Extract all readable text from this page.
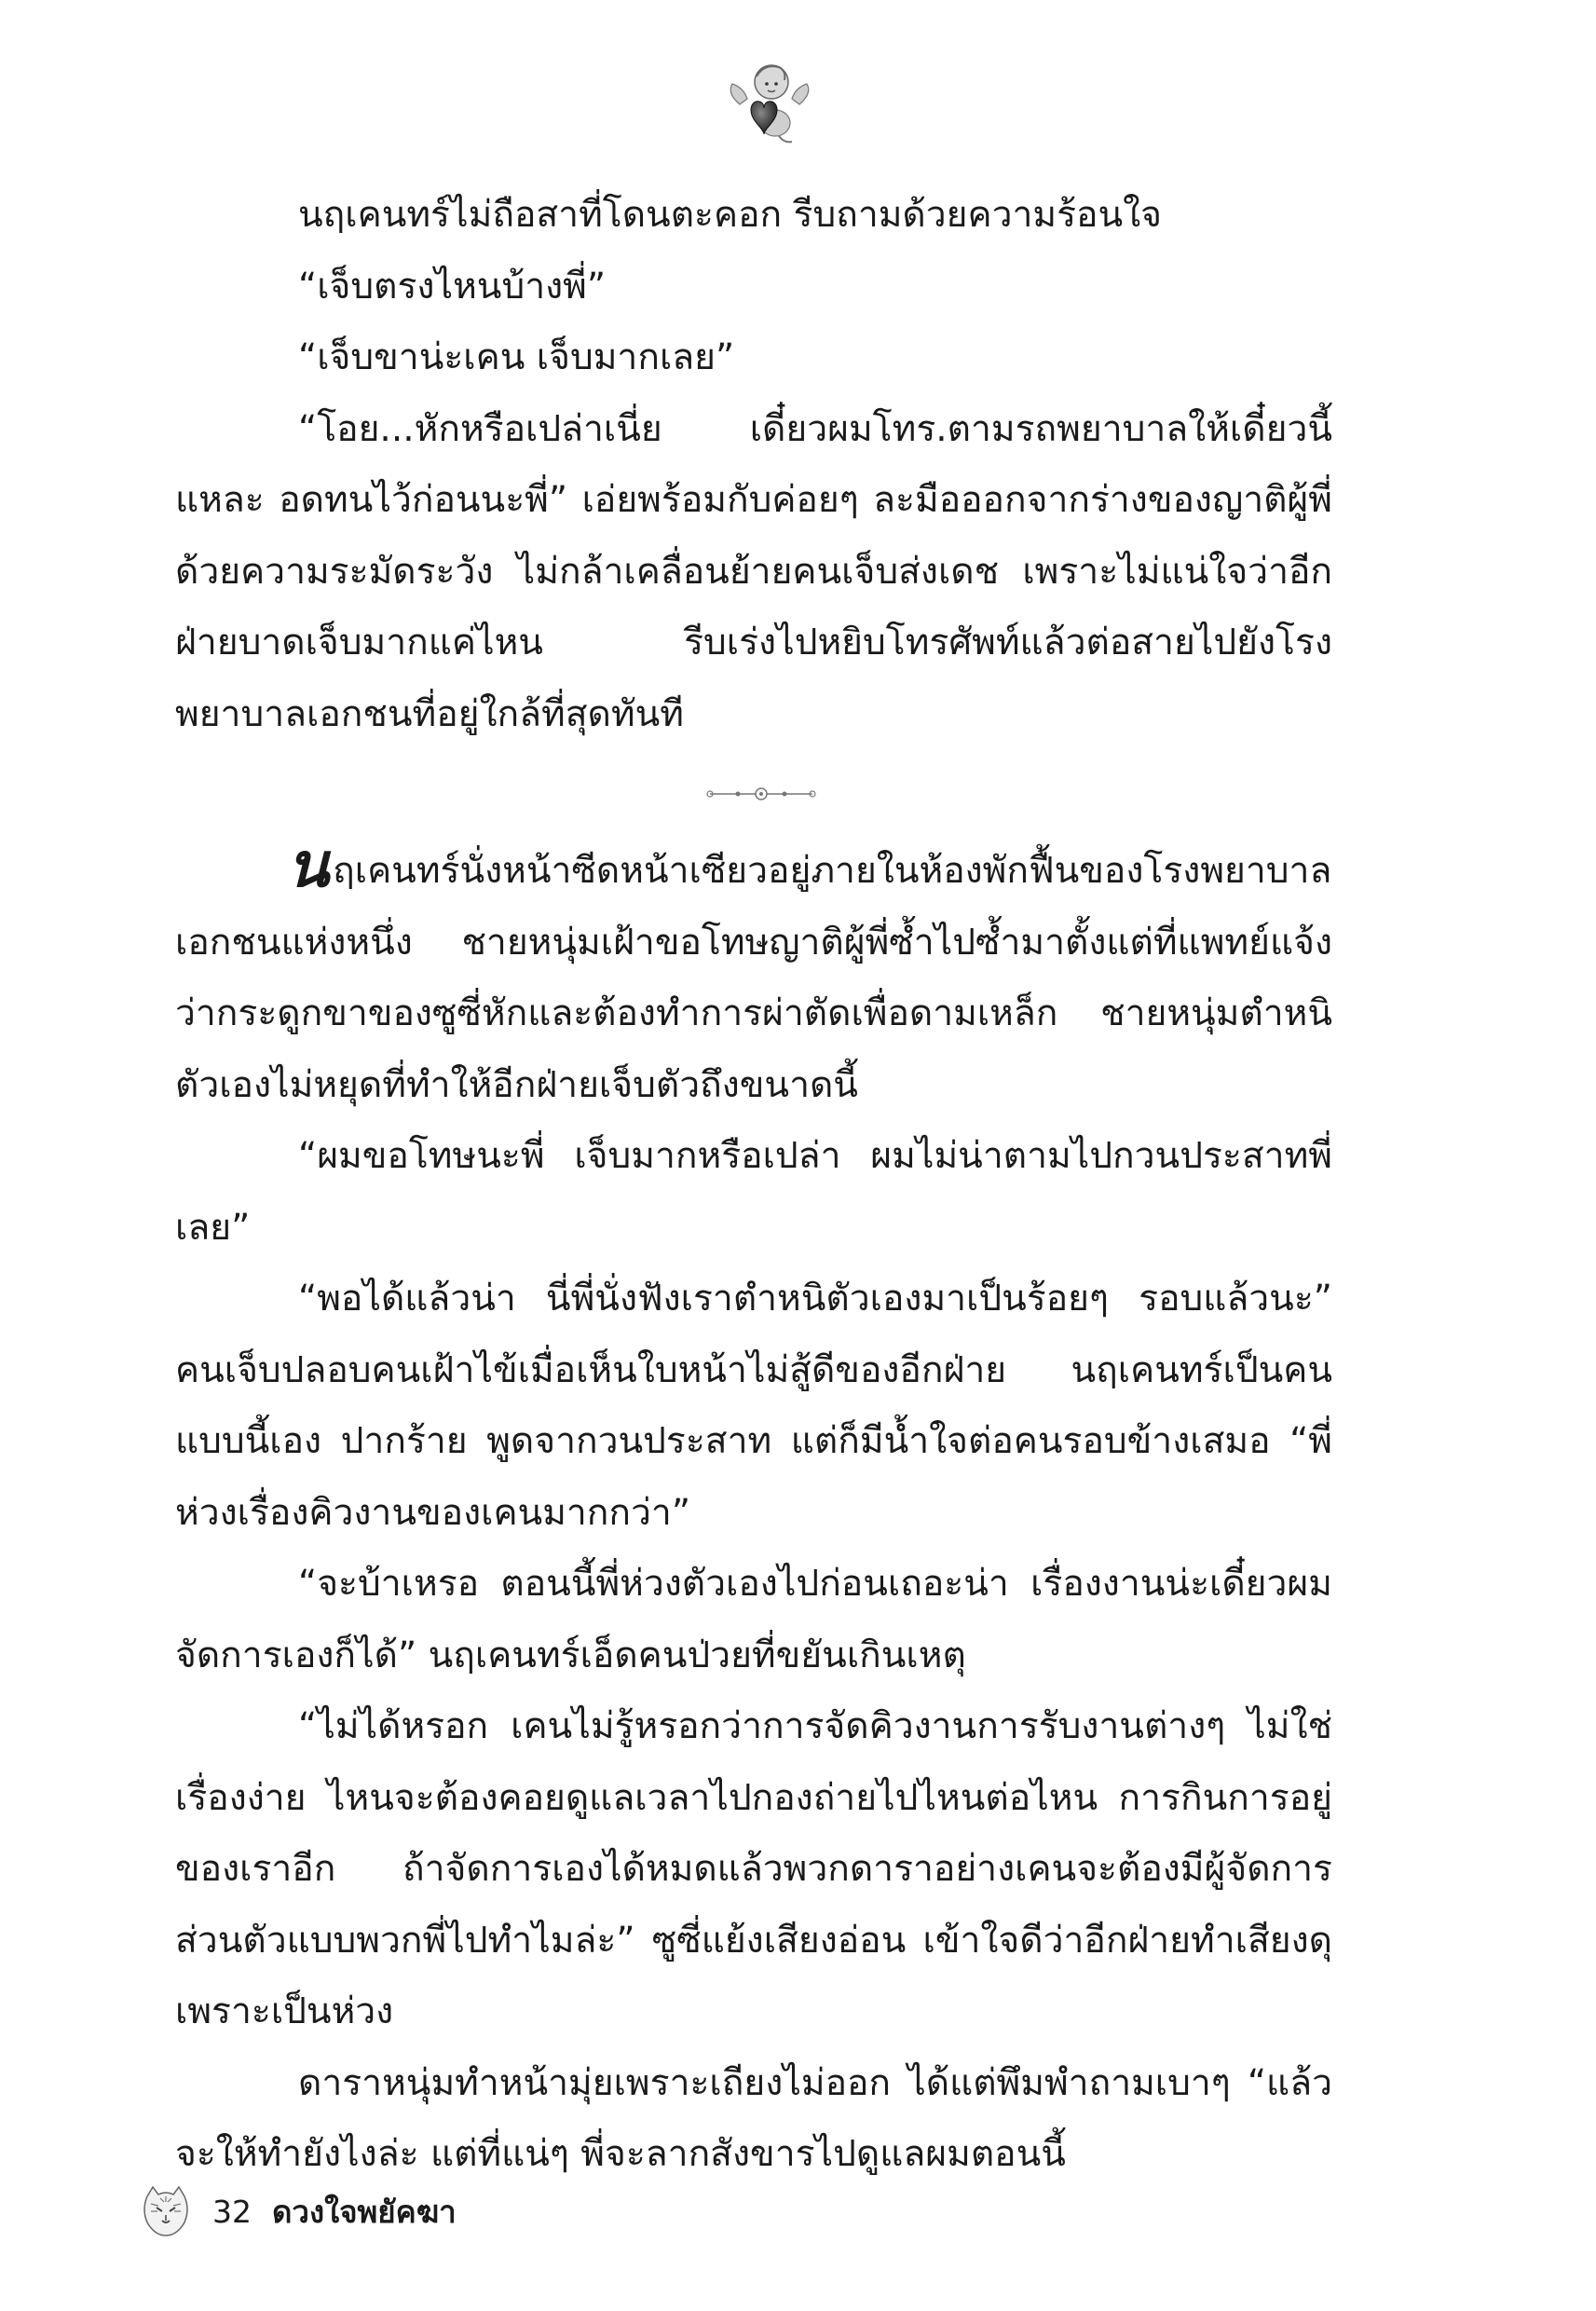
นฤเคนทร์ไม่ถือสาที่โดนตะคอก รีบถามด้วยความร้อนใจ

“เจ็บตรงไหนบ้างพี่”

“เจ็บขาน่ะเคน เจ็บมากเลย”

“โอย...หักหรือเปล่าเนี่ย เดี๋ยวผมโทร.ตามรถพยาบาลให้เดี๋ยวนี้แหละ อดทนไว้ก่อนนะพี่” เอ่ยพร้อมกับค่อยๆ ละมือออกจากร่างของญาติผู้พี่ด้วยความระมัดระวัง ไม่กล้าเคลื่อนย้ายคนเจ็บส่งเดช เพราะไม่แน่ใจว่าอีกฝ่ายบาดเจ็บมากแค่ไหน รีบเร่งไปหยิบโทรศัพท์แล้วต่อสายไปยังโรงพยาบาลเอกชนที่อยู่ใกล้ที่สุดทันที

นฤเคนทร์นั่งหน้าซีดหน้าเซียวอยู่ภายในห้องพักฟื้นของโรงพยาบาลเอกชนแห่งหนึ่ง ชายหนุ่มเฝ้าขอโทษญาติผู้พี่ซ้ำไปซ้ำมาตั้งแต่ที่แพทย์แจ้งว่ากระดูกขาของซูซี่หักและต้องทำการผ่าตัดเพื่อดามเหล็ก ชายหนุ่มตำหนิตัวเองไม่หยุดที่ทำให้อีกฝ่ายเจ็บตัวถึงขนาดนี้

“ผมขอโทษนะพี่ เจ็บมากหรือเปล่า ผมไม่น่าตามไปกวนประสาทพี่เลย”

“พอได้แล้วน่า นี่พี่นั่งฟังเราตำหนิตัวเองมาเป็นร้อยๆ รอบแล้วนะ” คนเจ็บปลอบคนเฝ้าไข้เมื่อเห็นใบหน้าไม่สู้ดีของอีกฝ่าย นฤเคนทร์เป็นคนแบบนี้เอง ปากร้าย พูดจากวนประสาท แต่ก็มีน้ำใจต่อคนรอบข้างเสมอ “พี่ห่วงเรื่องคิวงานของเคนมากกว่า”

“จะบ้าเหรอ ตอนนี้พี่ห่วงตัวเองไปก่อนเถอะน่า เรื่องงานน่ะเดี๋ยวผมจัดการเองก็ได้” นฤเคนทร์เอ็ดคนป่วยที่ขยันเกินเหตุ

“ไม่ได้หรอก เคนไม่รู้หรอกว่าการจัดคิวงานการรับงานต่างๆ ไม่ใช่เรื่องง่าย ไหนจะต้องคอยดูแลเวลาไปกองถ่ายไปไหนต่อไหน การกินการอยู่ของเราอีก ถ้าจัดการเองได้หมดแล้วพวกดาราอย่างเคนจะต้องมีผู้จัดการส่วนตัวแบบพวกพี่ไปทำไมล่ะ” ซูซี่แย้งเสียงอ่อน เข้าใจดีว่าอีกฝ่ายทำเสียงดุเพราะเป็นห่วง

ดาราหนุ่มทำหน้ามุ่ยเพราะเถียงไม่ออก ได้แต่พึมพำถามเบาๆ “แล้วจะให้ทำยังไงล่ะ แต่ที่แน่ๆ พี่จะลากสังขารไปดูแลผมตอนนี้

32 ดวงใจพยัคฆา
